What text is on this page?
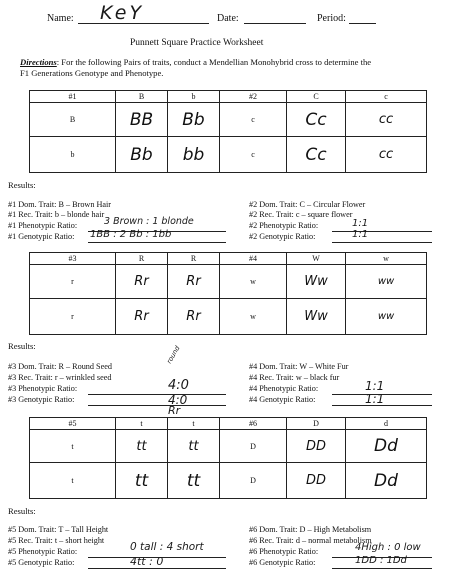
Name: KeY	Date:	Period:
Punnett Square Practice Worksheet
Directions: For the following Pairs of traits, conduct a Mendellian Monohybrid cross to determine the
F1 Generations Genotype and Phenotype.
#1	B	b	#2	C	c
B	BB	Bb	c	Cc	cc
b	Bb	bb	c	Cc	cc
Results:
#1 Dom. Trait: B – Brown Hair
#1 Rec. Trait: b – blonde hair
#1 Phenotypic Ratio:	3 Brown : 1 blonde
#1 Genotypic Ratio: 1BB : 2 Bb : 1bb
#2 Dom. Trait: C – Circular Flower
#2 Rec. Trait: c – square flower
#2 Phenotypic Ratio:	1:1
#2 Genotypic Ratio:	1:1
#3	R	R	#4	W	w
r	Rr	Rr	w	Ww	ww
r	Rr	Rr	w	Ww	ww
Results:
#3 Dom. Trait: R – Round Seed
#3 Rec. Trait: r – wrinkled seed
round
#3 Phenotypic Ratio:	4:0
#3 Genotypic Ratio:	4:0
Rr
#4 Dom. Trait: W – White Fur
#4 Rec. Trait: w – black fur
#4 Phenotypic Ratio:	1:1
#4 Genotypic Ratio:	1:1
#5	t	t	#6	D	d
t	tt	tt	D	DD	Dd
t	tt	tt	D	DD	Dd
Results:
#5 Dom. Trait: T – Tall Height
#5 Rec. Trait: t – short height
#5 Phenotypic Ratio:	0 tall : 4 short
#5 Genotypic Ratio:	4tt : 0
#6 Dom. Trait: D – High Metabolism
#6 Rec. Trait: d – normal metabolism
#6 Phenotypic Ratio:	4High : 0 low
#6 Genotypic Ratio:	1DD : 1Dd
